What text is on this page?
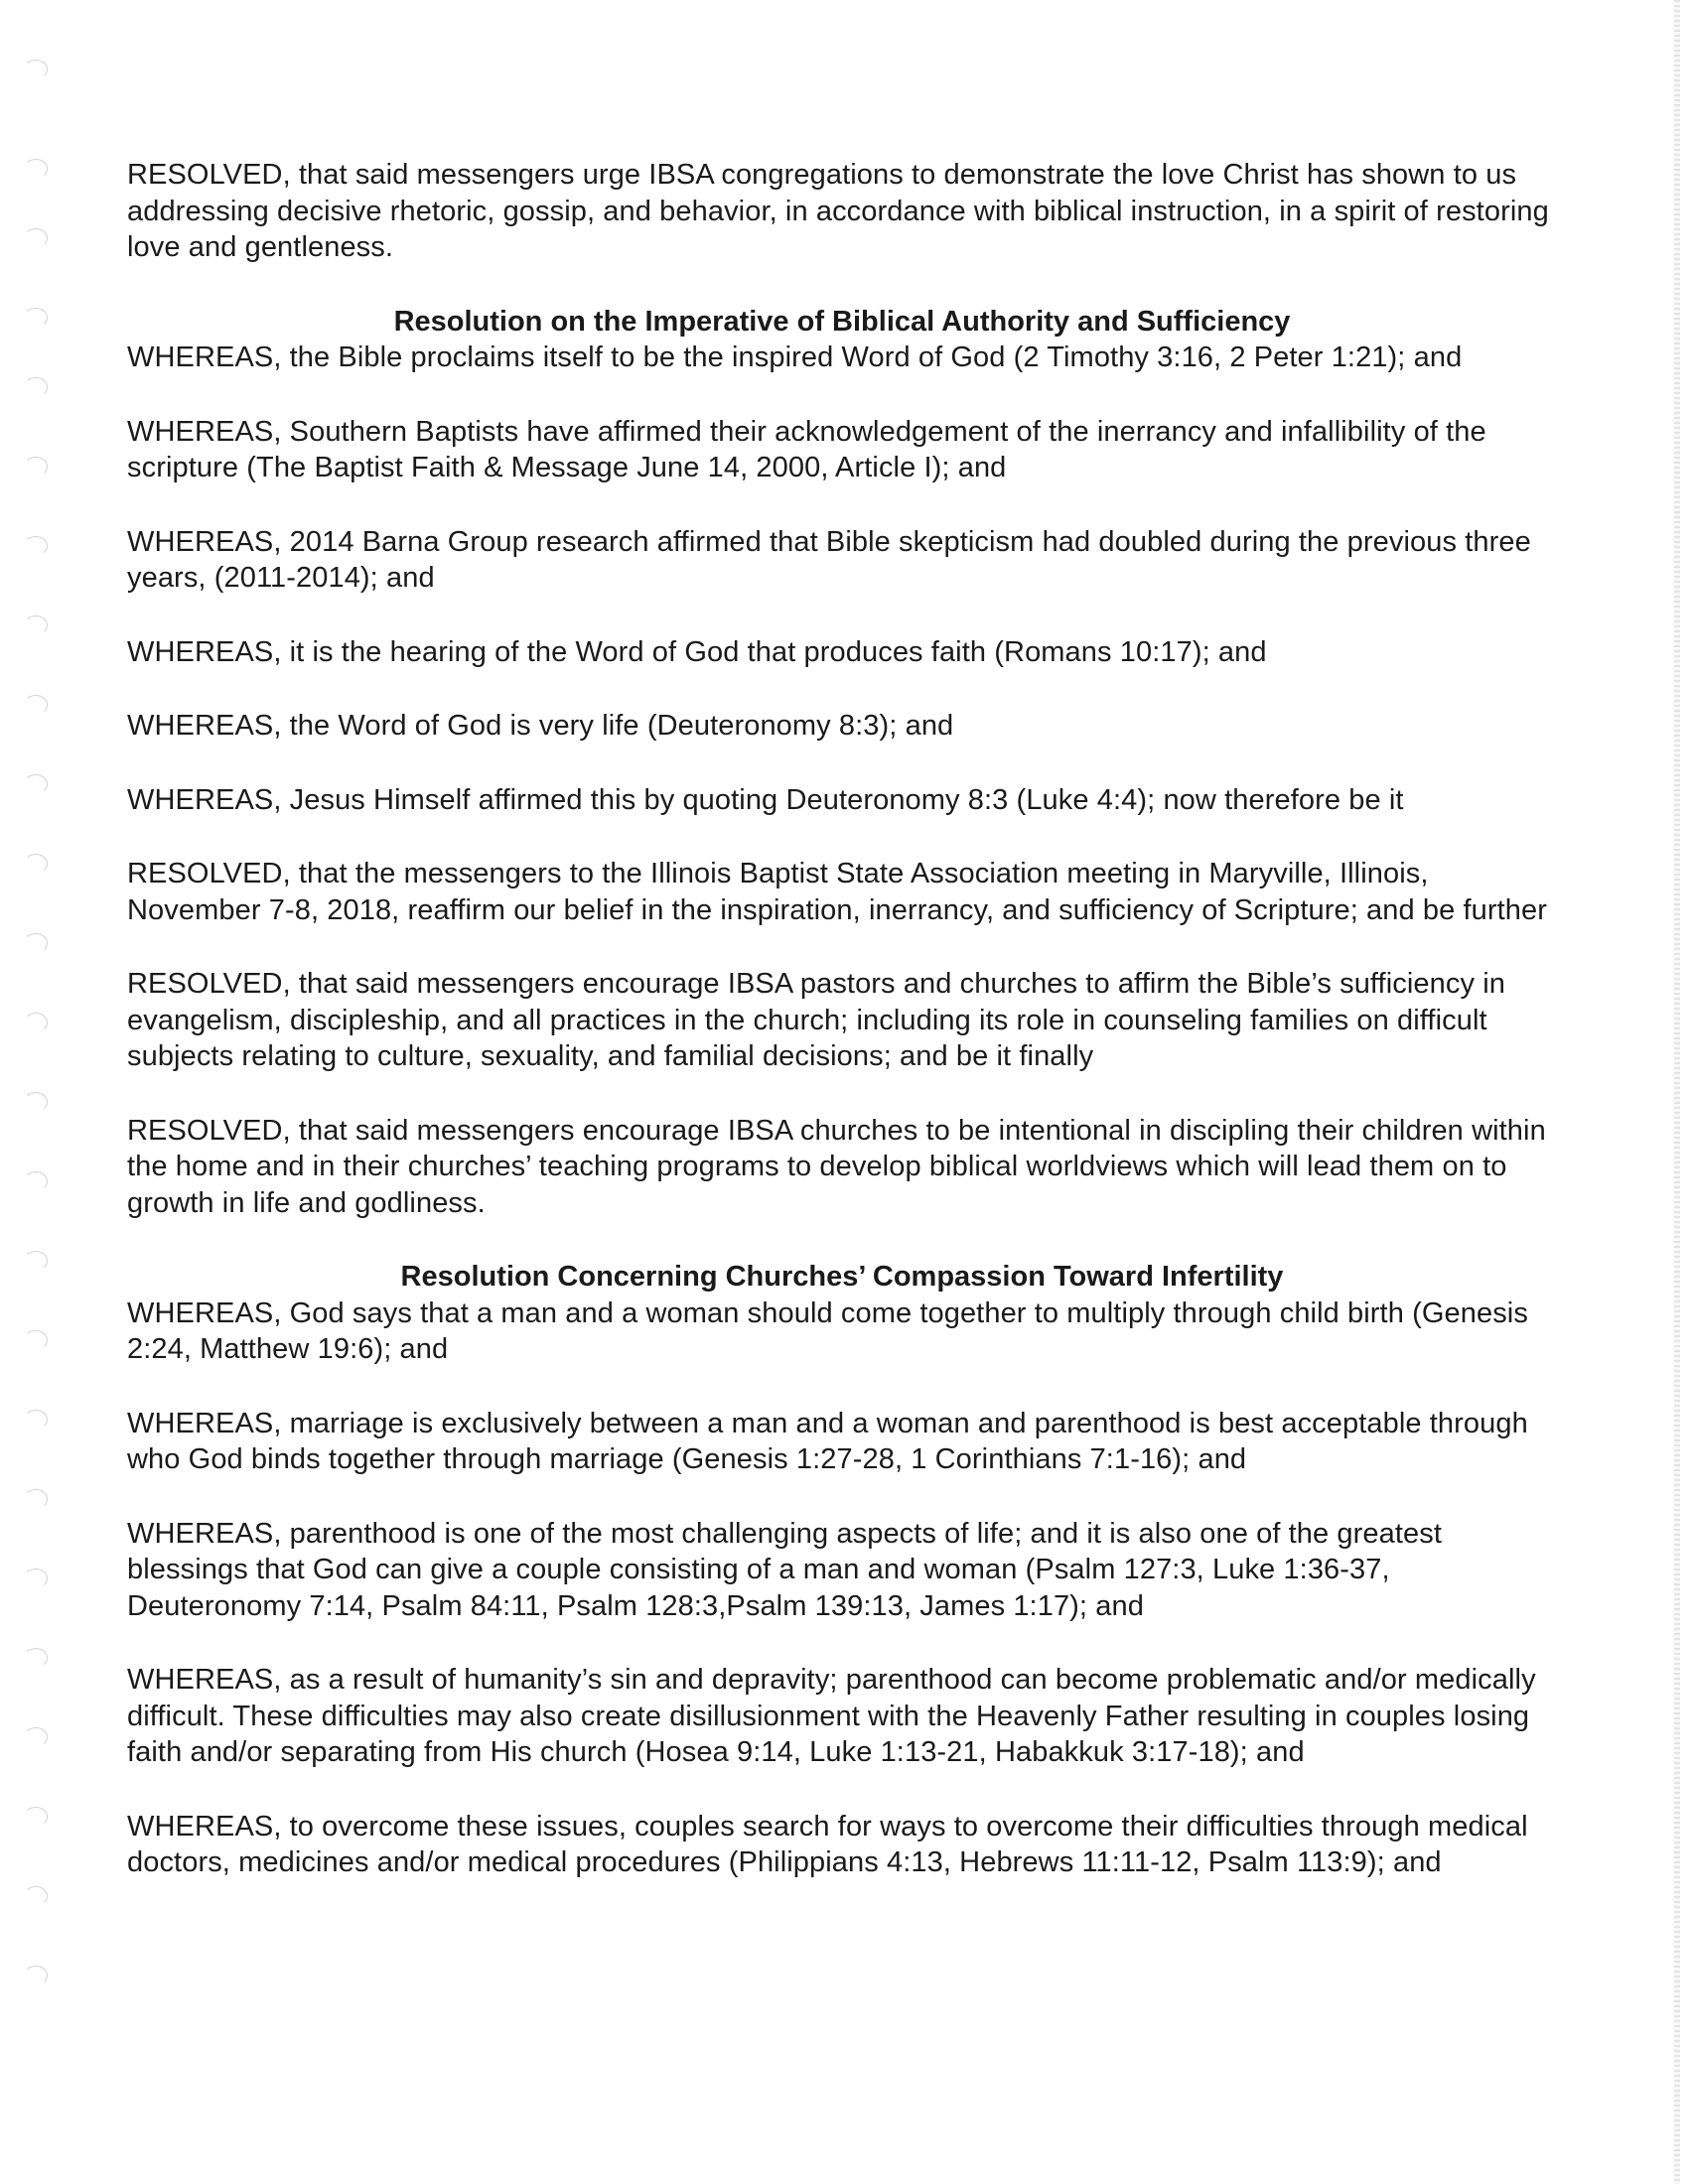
RESOLVED, that said messengers urge IBSA congregations to demonstrate the love Christ has shown to us addressing decisive rhetoric, gossip, and behavior, in accordance with biblical instruction, in a spirit of restoring love and gentleness.

Resolution on the Imperative of Biblical Authority and Sufficiency

WHEREAS, the Bible proclaims itself to be the inspired Word of God (2 Timothy 3:16, 2 Peter 1:21); and

WHEREAS, Southern Baptists have affirmed their acknowledgement of the inerrancy and infallibility of the scripture (The Baptist Faith & Message June 14, 2000, Article I); and

WHEREAS, 2014 Barna Group research affirmed that Bible skepticism had doubled during the previous three years, (2011-2014); and

WHEREAS, it is the hearing of the Word of God that produces faith (Romans 10:17); and

WHEREAS, the Word of God is very life (Deuteronomy 8:3); and

WHEREAS, Jesus Himself affirmed this by quoting Deuteronomy 8:3 (Luke 4:4); now therefore be it

RESOLVED, that the messengers to the Illinois Baptist State Association meeting in Maryville, Illinois, November 7-8, 2018, reaffirm our belief in the inspiration, inerrancy, and sufficiency of Scripture; and be further

RESOLVED, that said messengers encourage IBSA pastors and churches to affirm the Bible’s sufficiency in evangelism, discipleship, and all practices in the church; including its role in counseling families on difficult subjects relating to culture, sexuality, and familial decisions; and be it finally

RESOLVED, that said messengers encourage IBSA churches to be intentional in discipling their children within the home and in their churches’ teaching programs to develop biblical worldviews which will lead them on to growth in life and godliness.

Resolution Concerning Churches’ Compassion Toward Infertility

WHEREAS, God says that a man and a woman should come together to multiply through child birth (Genesis 2:24, Matthew 19:6); and

WHEREAS, marriage is exclusively between a man and a woman and parenthood is best acceptable through who God binds together through marriage (Genesis 1:27-28, 1 Corinthians 7:1-16); and

WHEREAS, parenthood is one of the most challenging aspects of life; and it is also one of the greatest blessings that God can give a couple consisting of a man and woman (Psalm 127:3, Luke 1:36-37, Deuteronomy 7:14, Psalm 84:11, Psalm 128:3,Psalm 139:13, James 1:17); and

WHEREAS, as a result of humanity’s sin and depravity; parenthood can become problematic and/or medically difficult. These difficulties may also create disillusionment with the Heavenly Father resulting in couples losing faith and/or separating from His church (Hosea 9:14, Luke 1:13-21, Habakkuk 3:17-18); and

WHEREAS, to overcome these issues, couples search for ways to overcome their difficulties through medical doctors, medicines and/or medical procedures (Philippians 4:13, Hebrews 11:11-12, Psalm 113:9); and
